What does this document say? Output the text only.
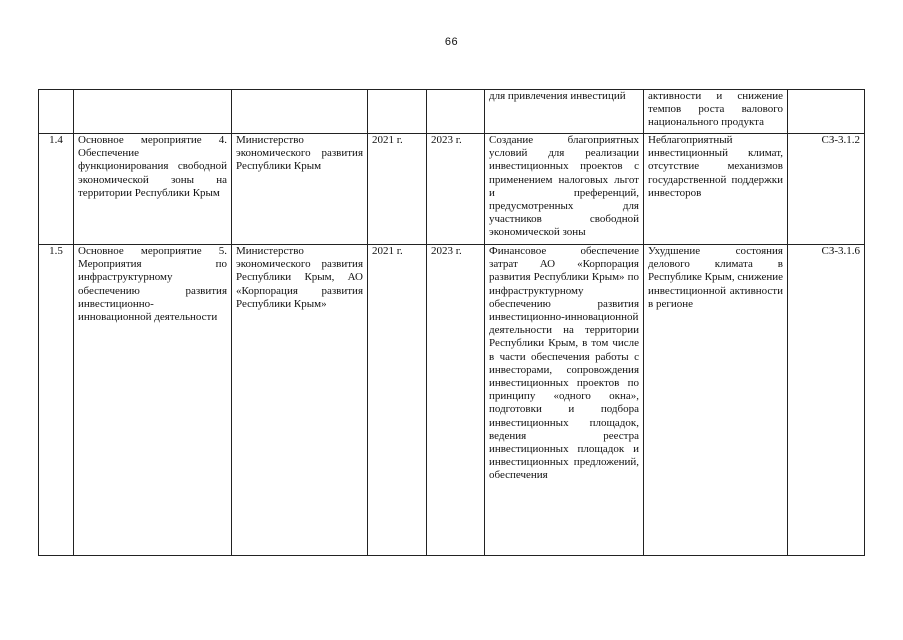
66
					для привлечения инвестиций	активности и снижение темпов роста валового национального продукта	
1.4	Основное мероприятие 4. Обеспечение функционирования свободной экономической зоны на территории Республики Крым	Министерство экономического развития Республики Крым	2021 г.	2023 г.	Создание благоприятных условий для реализации инвестиционных проектов с применением налоговых льгот и преференций, предусмотренных для участников свободной экономической зоны	Неблагоприятный инвестиционный климат, отсутствие механизмов государственной поддержки инвесторов	СЗ-3.1.2
1.5	Основное мероприятие 5. Мероприятия по инфраструктурному обеспечению развития инвестиционно-инновационной деятельности	Министерство экономического развития Республики Крым, АО «Корпорация развития Республики Крым»	2021 г.	2023 г.	Финансовое обеспечение затрат АО «Корпорация развития Республики Крым» по инфраструктурному обеспечению развития инвестиционно-инновационной деятельности на территории Республики Крым, в том числе в части обеспечения работы с инвесторами, сопровождения инвестиционных проектов по принципу «одного окна», подготовки и подбора инвестиционных площадок, ведения реестра инвестиционных площадок и инвестиционных предложений, обеспечения	Ухудшение состояния делового климата в Республике Крым, снижение инвестиционной активности в регионе	СЗ-3.1.6
